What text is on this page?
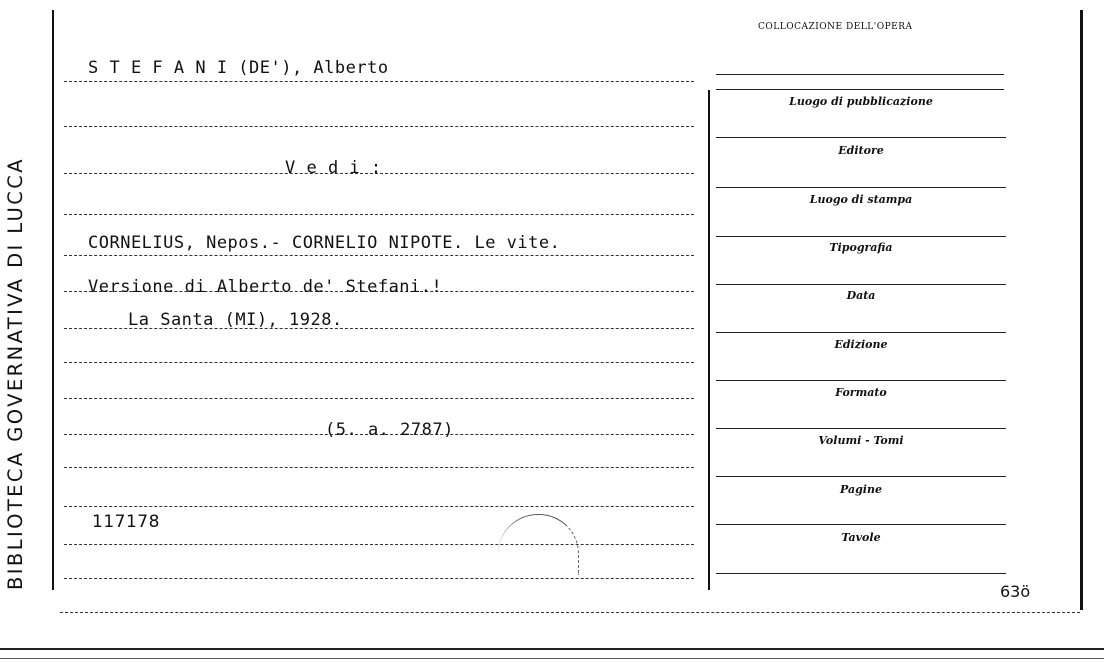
BIBLIOTECA GOVERNATIVA DI LUCCA
COLLOCAZIONE DELL'OPERA
S T E F A N I (DE'), Alberto
V e d i :
CORNELIUS, Nepos.- CORNELIO NIPOTE. Le vite.
Versione di Alberto de' Stefani.!
La Santa (MI), 1928.
(5. a. 2787)
117178
Luogo di pubblicazione
Editore
Luogo di stampa
Tipografia
Data
Edizione
Formato
Volumi - Tomi
Pagine
Tavole
63ö
